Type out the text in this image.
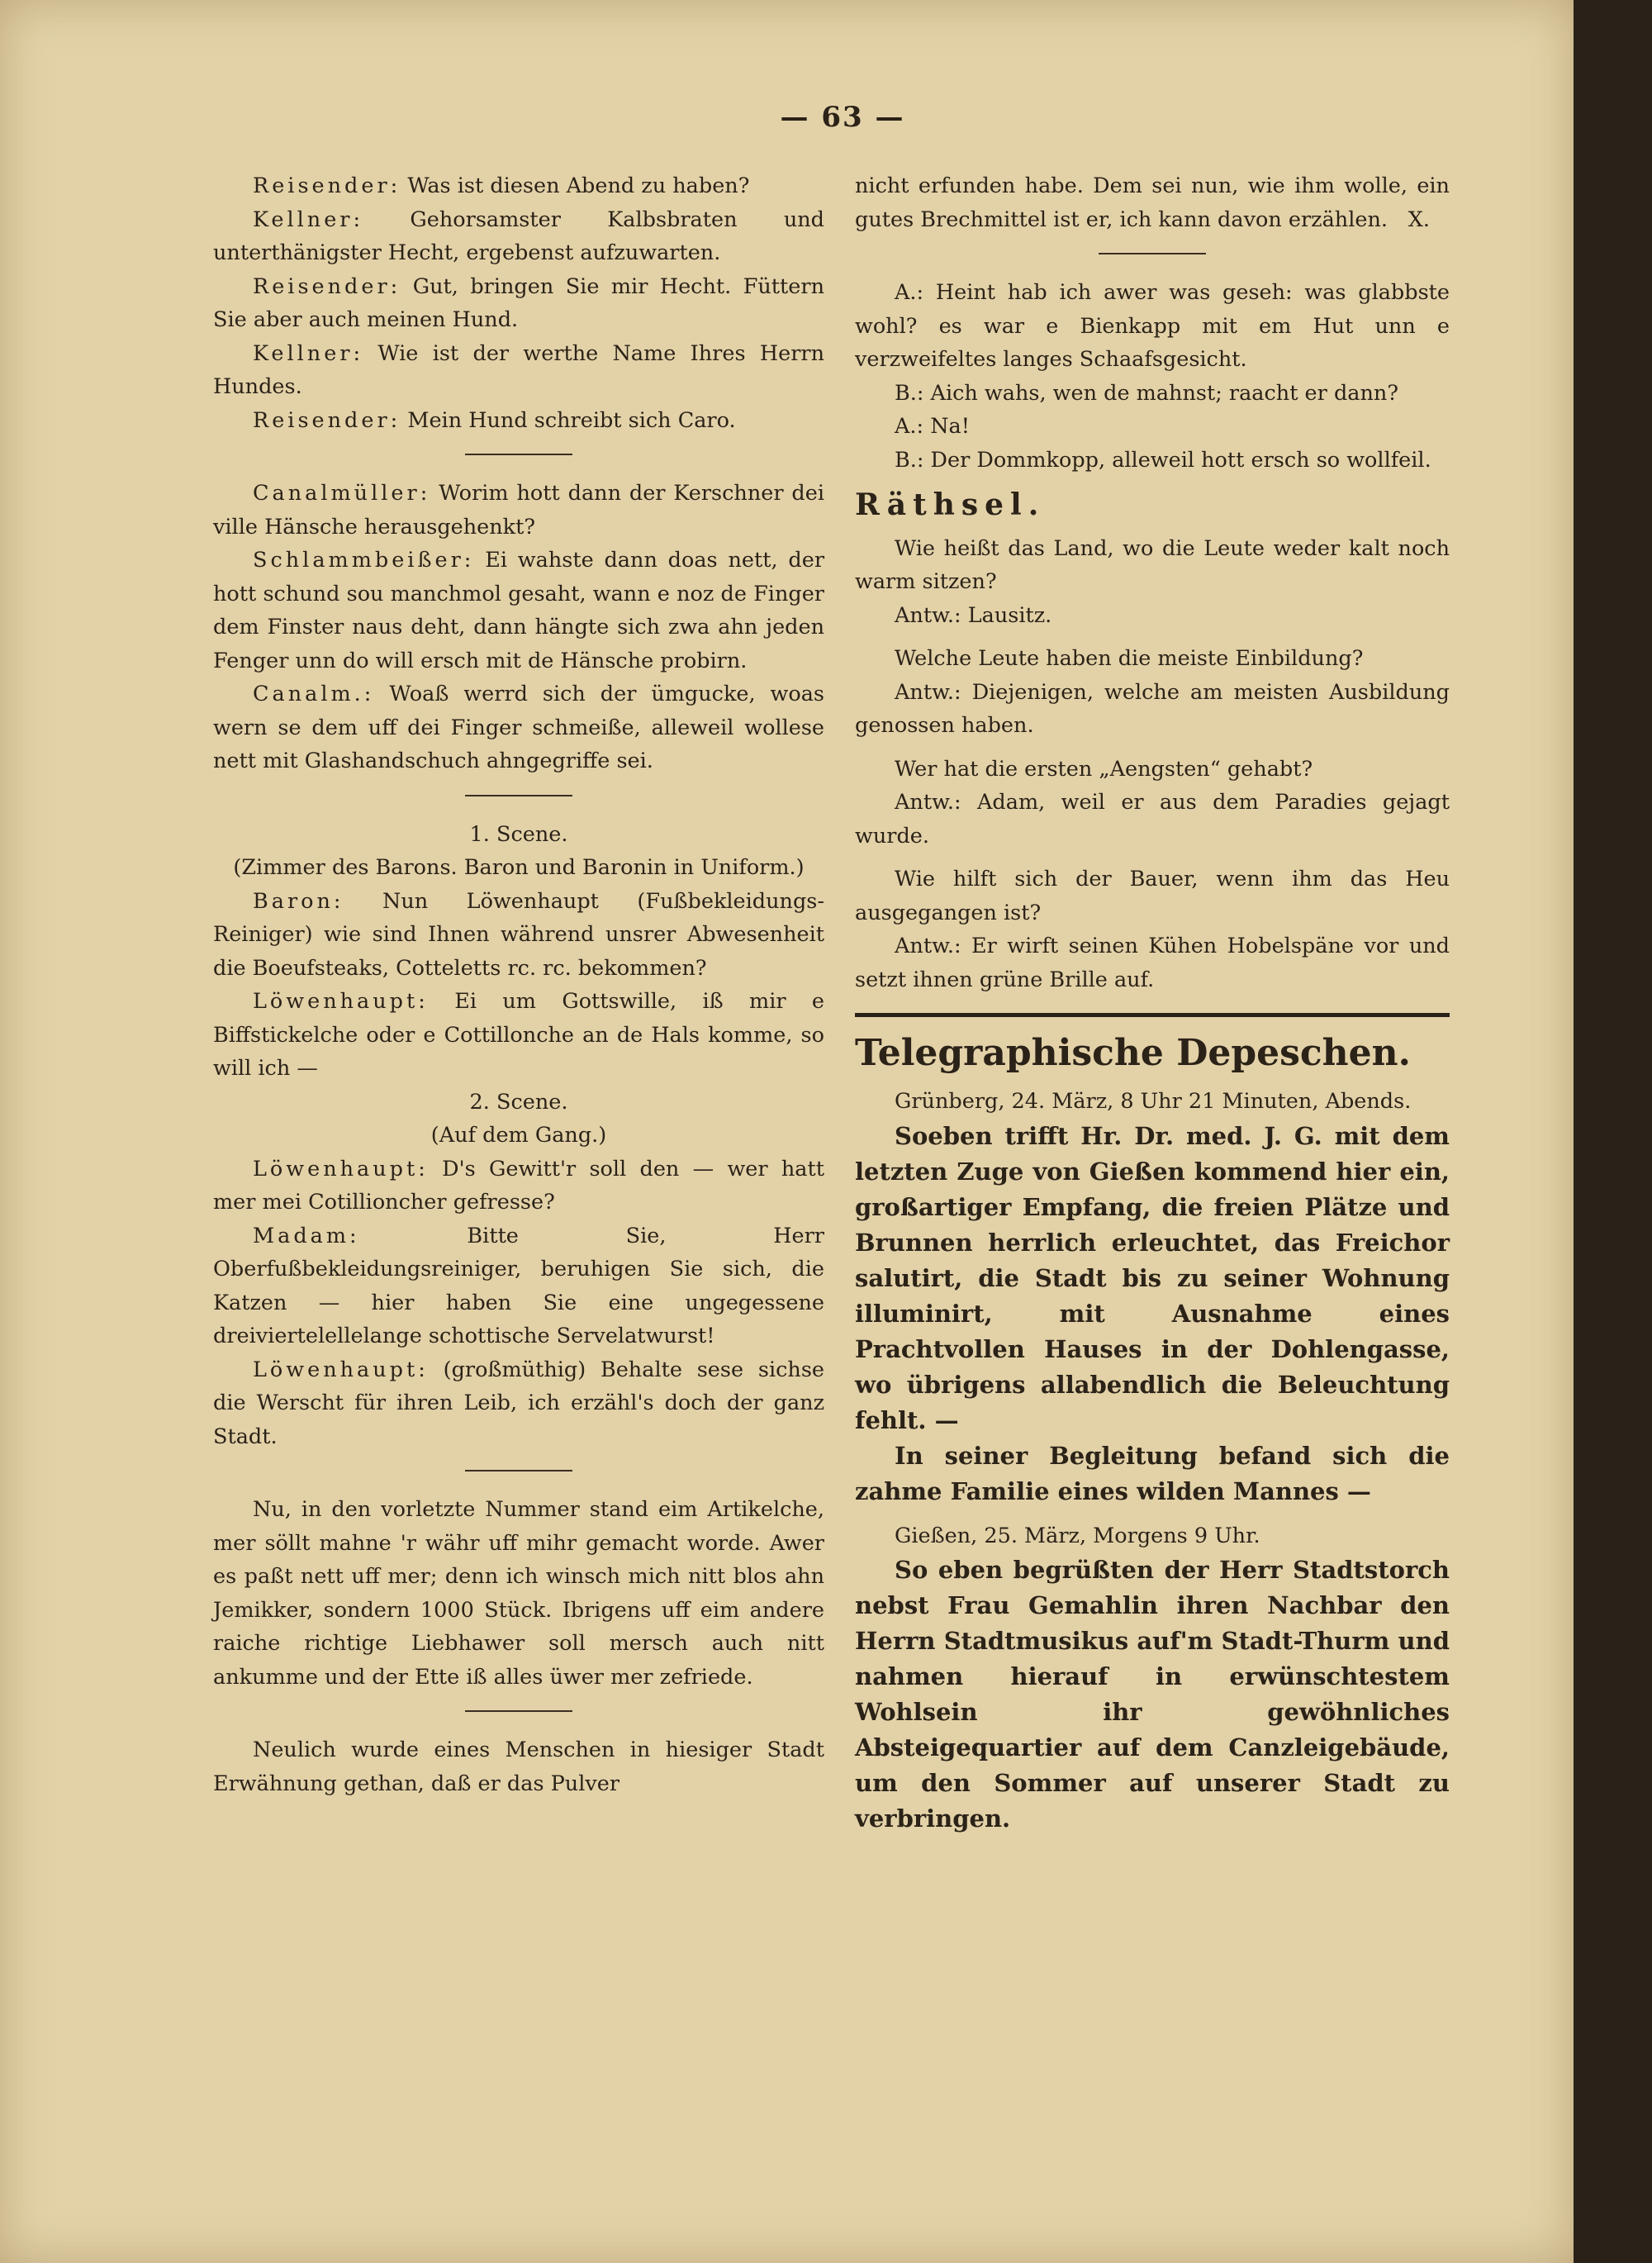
— 63 —

Reisender: Was ist diesen Abend zu haben?

Kellner: Gehorsamster Kalbsbraten und unterthänigster Hecht, ergebenst aufzuwarten.

Reisender: Gut, bringen Sie mir Hecht. Füttern Sie aber auch meinen Hund.

Kellner: Wie ist der werthe Name Ihres Herrn Hundes.

Reisender: Mein Hund schreibt sich Caro.

Canalmüller: Worim hott dann der Kerschner dei ville Hänsche herausgehenkt?

Schlammbeißer: Ei wahste dann doas nett, der hott schund sou manchmol gesaht, wann e noz de Finger dem Finster naus deht, dann hängte sich zwa ahn jeden Fenger unn do will ersch mit de Hänsche probirn.

Canalm.: Woaß werrd sich der ümgucke, woas wern se dem uff dei Finger schmeiße, alleweil wollese nett mit Glashandschuch ahngegriffe sei.

1. Scene.

(Zimmer des Barons. Baron und Baronin in Uniform.)

Baron: Nun Löwenhaupt (Fußbekleidungs-Reiniger) wie sind Ihnen während unsrer Abwesenheit die Boeufsteaks, Cotteletts rc. rc. bekommen?

Löwenhaupt: Ei um Gottswille, iß mir e Biffstickelche oder e Cottillonche an de Hals komme, so will ich —

2. Scene.

(Auf dem Gang.)

Löwenhaupt: D's Gewitt'r soll den — wer hatt mer mei Cotillioncher gefresse?

Madam:	Bitte Sie, Herr Oberfußbekleidungsreiniger, beruhigen Sie sich, die Katzen — hier haben Sie eine ungegessene dreiviertelellelange schottische Servelatwurst!

Löwenhaupt: (großmüthig) Behalte sese sichse die Werscht für ihren Leib, ich erzähl's doch der ganz Stadt.

Nu, in den vorletzte Nummer stand eim Artikelche, mer söllt mahne 'r währ uff mihr gemacht worde. Awer es paßt nett uff mer; denn ich winsch mich nitt blos ahn Jemikker, sondern 1000 Stück. Ibrigens uff eim andere raiche richtige Liebhawer soll mersch auch nitt ankumme und der Ette iß alles üwer mer zefriede.

Neulich wurde eines Menschen in hiesiger Stadt Erwähnung gethan, daß er das Pulver

nicht erfunden habe. Dem sei nun, wie ihm wolle, ein gutes Brechmittel ist er, ich kann davon erzählen. X.

A.: Heint hab ich awer was geseh: was glabbste wohl? es war e Bienkapp mit em Hut unn e verzweifeltes langes Schaafsgesicht.

B.: Aich wahs, wen de mahnst; raacht er dann?

A.: Na!

B.: Der Dommkopp, alleweil hott ersch so wollfeil.

Räthsel.

Wie heißt das Land, wo die Leute weder kalt noch warm sitzen?

Antw.: Lausitz.

Welche Leute haben die meiste Einbildung?

Antw.: Diejenigen, welche am meisten Ausbildung genossen haben.

Wer hat die ersten „Aengsten“ gehabt?

Antw.: Adam, weil er aus dem Paradies gejagt wurde.

Wie hilft sich der Bauer, wenn ihm das Heu ausgegangen ist?

Antw.: Er wirft seinen Kühen Hobelspäne vor und setzt ihnen grüne Brille auf.

Telegraphische Depeschen.

Grünberg, 24. März, 8 Uhr 21 Minuten, Abends.

Soeben trifft Hr. Dr. med. J. G. mit dem letzten Zuge von Gießen kommend hier ein, großartiger Empfang, die freien Plätze und Brunnen herrlich erleuchtet, das Freichor salutirt, die Stadt bis zu seiner Wohnung illuminirt, mit Ausnahme eines Prachtvollen Hauses in der Dohlengasse, wo übrigens allabendlich die Beleuchtung fehlt. —

In seiner Begleitung befand sich die zahme Familie eines wilden Mannes —

Gießen, 25. März, Morgens 9 Uhr.

So eben begrüßten der Herr Stadtstorch nebst Frau Gemahlin ihren Nachbar den Herrn Stadtmusikus auf'm Stadt-Thurm und nahmen hierauf in erwünschtestem Wohlsein ihr gewöhnliches Absteigequartier auf dem Canzleigebäude, um den Sommer auf unserer Stadt zu verbringen.
